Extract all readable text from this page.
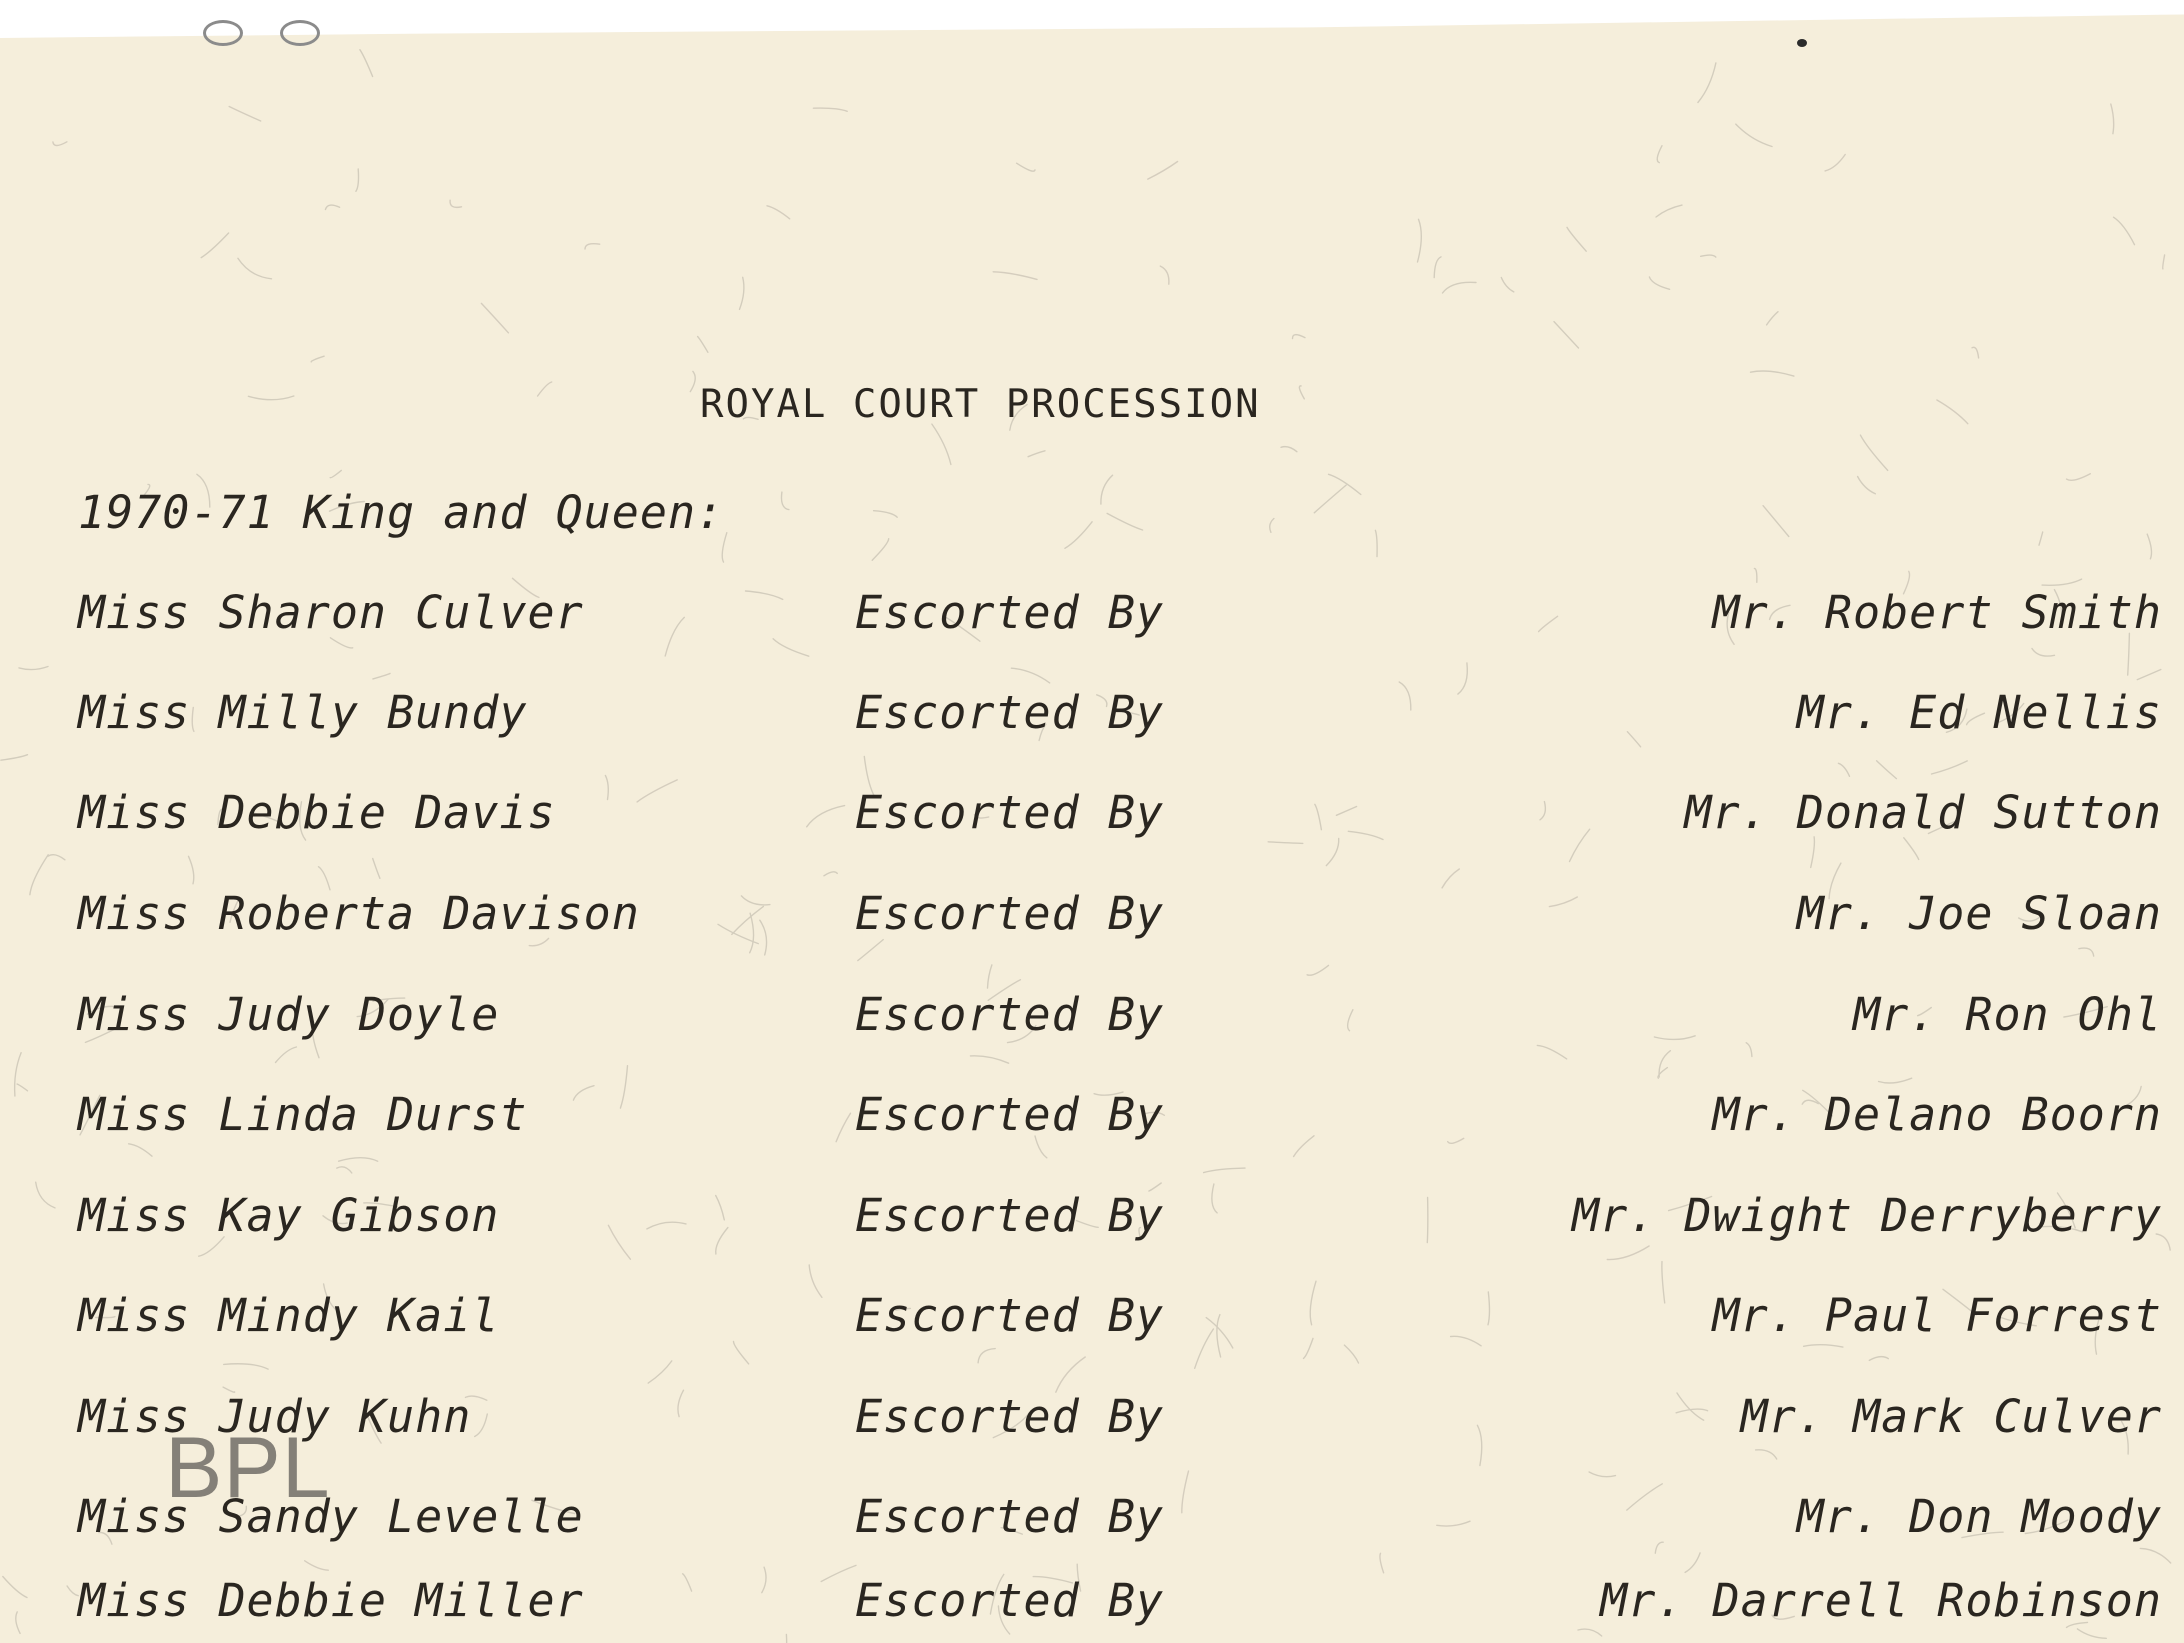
ROYAL COURT PROCESSION
1970-71 King and Queen:
Miss Sharon Culver	Escorted By	Mr. Robert Smith
Miss Milly Bundy	Escorted By	Mr. Ed Nellis
Miss Debbie Davis	Escorted By	Mr. Donald Sutton
Miss Roberta Davison	Escorted By	Mr. Joe Sloan
Miss Judy Doyle	Escorted By	Mr. Ron Ohl
Miss Linda Durst	Escorted By	Mr. Delano Boorn
Miss Kay Gibson	Escorted By	Mr. Dwight Derryberry
Miss Mindy Kail	Escorted By	Mr. Paul Forrest
Miss Judy Kuhn	Escorted By	Mr. Mark Culver
Miss Sandy Levelle	Escorted By	Mr. Don Moody
Miss Debbie Miller	Escorted By	Mr. Darrell Robinson
BPL
